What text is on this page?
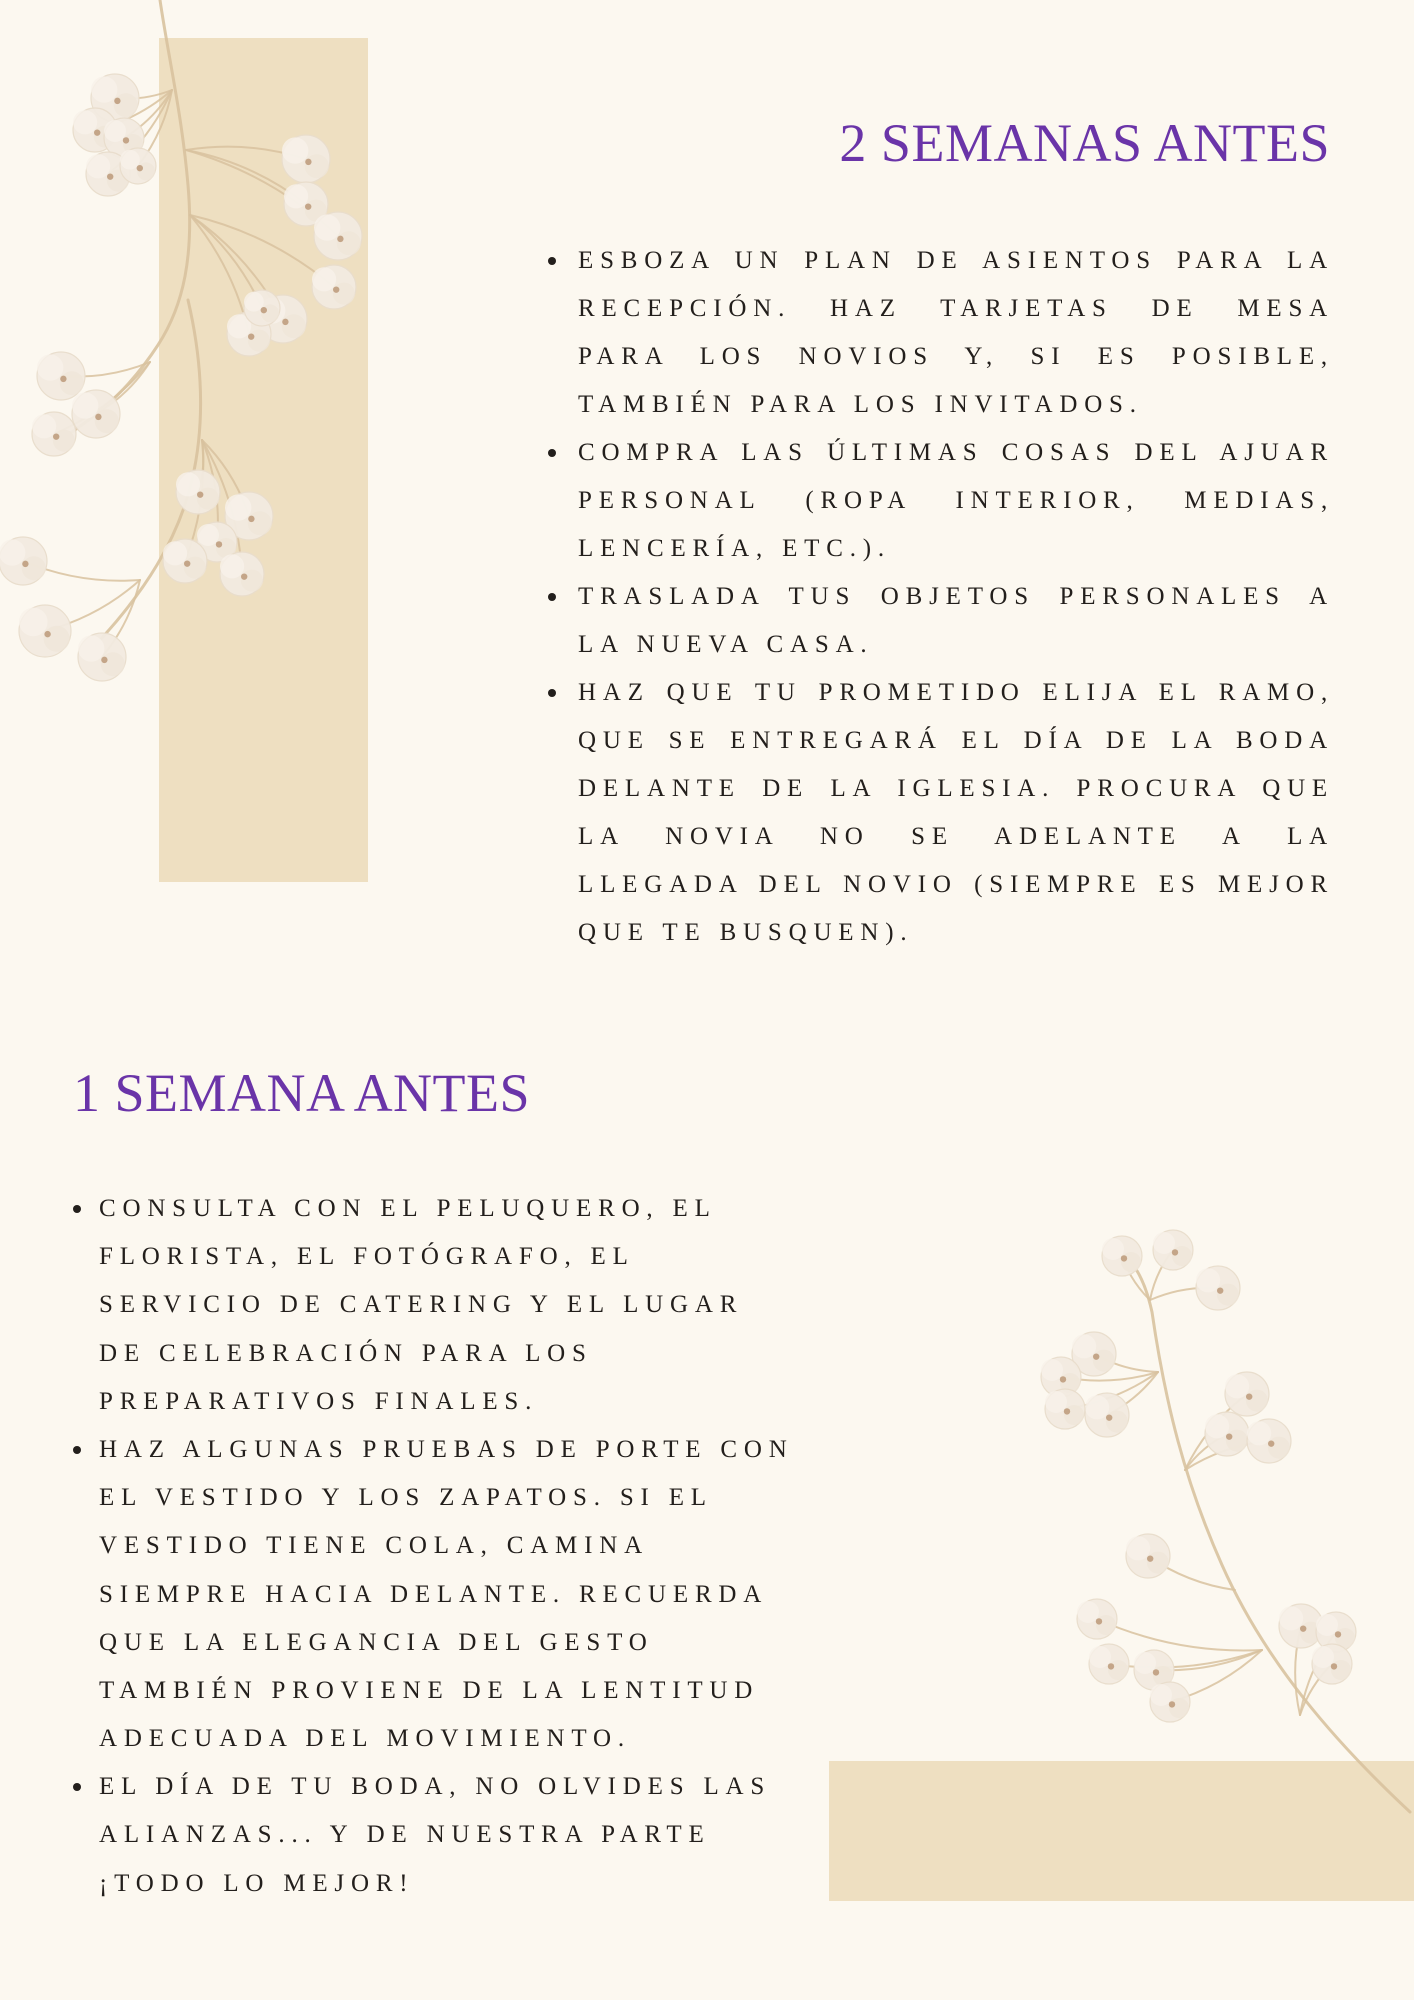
2 SEMANAS ANTES
ESBOZA UN PLAN DE ASIENTOS PARA LA
RECEPCIÓN. HAZ TARJETAS DE MESA
PARA LOS NOVIOS Y, SI ES POSIBLE,
TAMBIÉN PARA LOS INVITADOS.
COMPRA LAS ÚLTIMAS COSAS DEL AJUAR
PERSONAL (ROPA INTERIOR, MEDIAS,
LENCERÍA, ETC.).
TRASLADA TUS OBJETOS PERSONALES A
LA NUEVA CASA.
HAZ QUE TU PROMETIDO ELIJA EL RAMO,
QUE SE ENTREGARÁ EL DÍA DE LA BODA
DELANTE DE LA IGLESIA. PROCURA QUE
LA NOVIA NO SE ADELANTE A LA
LLEGADA DEL NOVIO (SIEMPRE ES MEJOR
QUE TE BUSQUEN).
1 SEMANA ANTES
CONSULTA CON EL PELUQUERO, EL
FLORISTA, EL FOTÓGRAFO, EL
SERVICIO DE CATERING Y EL LUGAR
DE CELEBRACIÓN PARA LOS
PREPARATIVOS FINALES.
HAZ ALGUNAS PRUEBAS DE PORTE CON
EL VESTIDO Y LOS ZAPATOS. SI EL
VESTIDO TIENE COLA, CAMINA
SIEMPRE HACIA DELANTE. RECUERDA
QUE LA ELEGANCIA DEL GESTO
TAMBIÉN PROVIENE DE LA LENTITUD
ADECUADA DEL MOVIMIENTO.
EL DÍA DE TU BODA, NO OLVIDES LAS
ALIANZAS... Y DE NUESTRA PARTE
¡TODO LO MEJOR!
